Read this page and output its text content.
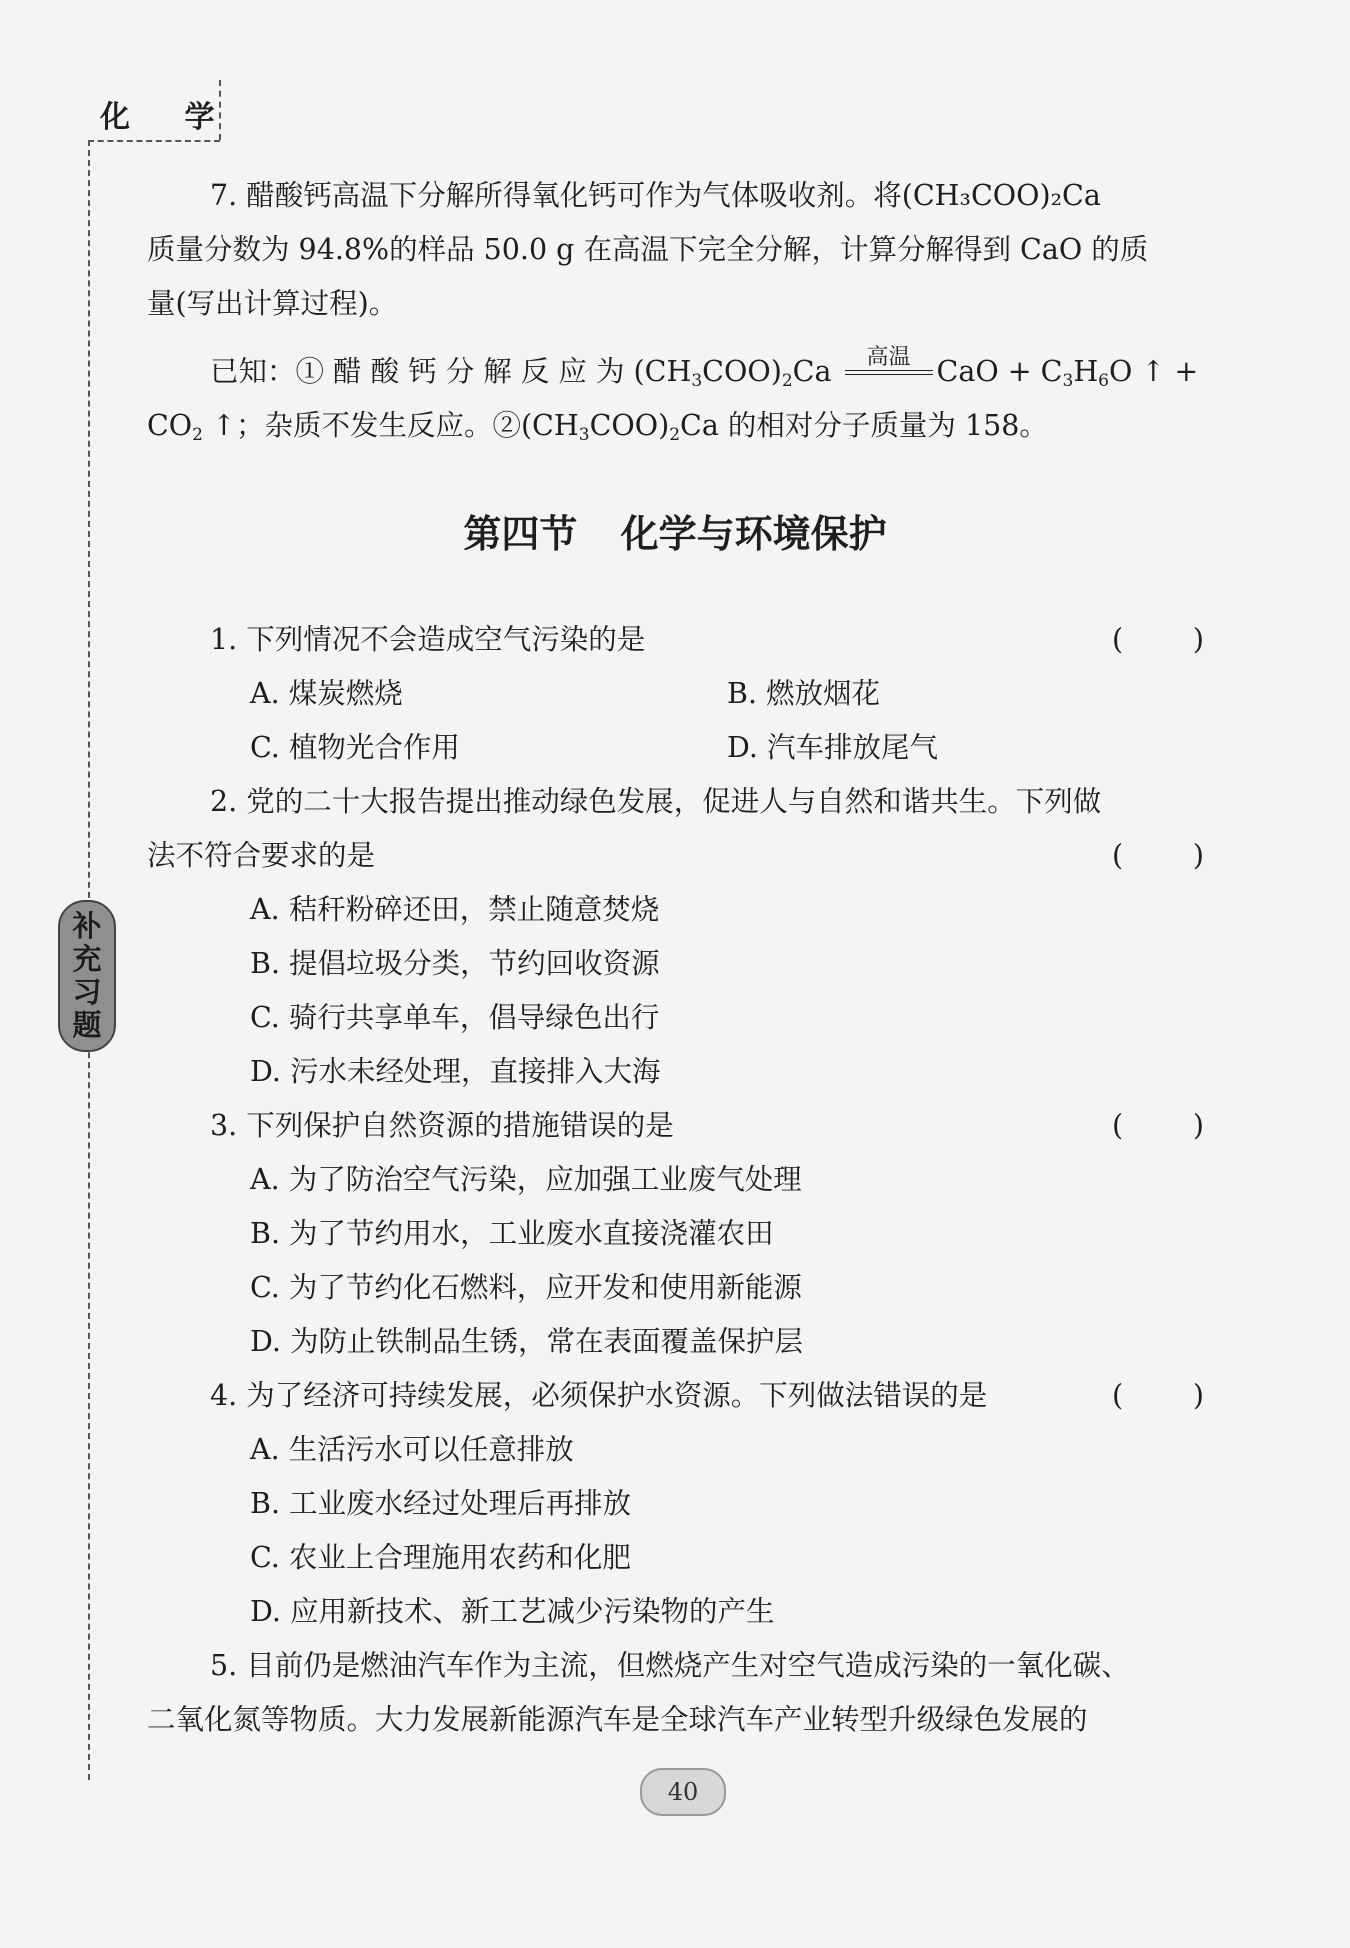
化 学
补
充
习
题
7. 醋酸钙高温下分解所得氧化钙可作为气体吸收剂。将(CH₃COO)₂Ca
质量分数为 94.8%的样品 50.0 g 在高温下完全分解，计算分解得到 CaO 的质
量(写出计算过程)。
已知：① 醋 酸 钙 分 解 反 应 为 $(CH_3COO)_2Ca$	高温 CaO + $C_3H_6O$ ↑ +
$CO_2$ ↑；杂质不发生反应。$②(CH_3COO)_2Ca$ 的相对分子质量为 158。
第四节 化学与环境保护
1. 下列情况不会造成空气污染的是	( )
A. 煤炭燃烧	B. 燃放烟花
C. 植物光合作用	D. 汽车排放尾气
2. 党的二十大报告提出推动绿色发展，促进人与自然和谐共生。下列做
法不符合要求的是	( )
A. 秸秆粉碎还田，禁止随意焚烧
B. 提倡垃圾分类，节约回收资源
C. 骑行共享单车，倡导绿色出行
D. 污水未经处理，直接排入大海
3. 下列保护自然资源的措施错误的是	( )
A. 为了防治空气污染，应加强工业废气处理
B. 为了节约用水，工业废水直接浇灌农田
C. 为了节约化石燃料，应开发和使用新能源
D. 为防止铁制品生锈，常在表面覆盖保护层
4. 为了经济可持续发展，必须保护水资源。下列做法错误的是	( )
A. 生活污水可以任意排放
B. 工业废水经过处理后再排放
C. 农业上合理施用农药和化肥
D. 应用新技术、新工艺减少污染物的产生
5. 目前仍是燃油汽车作为主流，但燃烧产生对空气造成污染的一氧化碳、
二氧化氮等物质。大力发展新能源汽车是全球汽车产业转型升级绿色发展的
40
